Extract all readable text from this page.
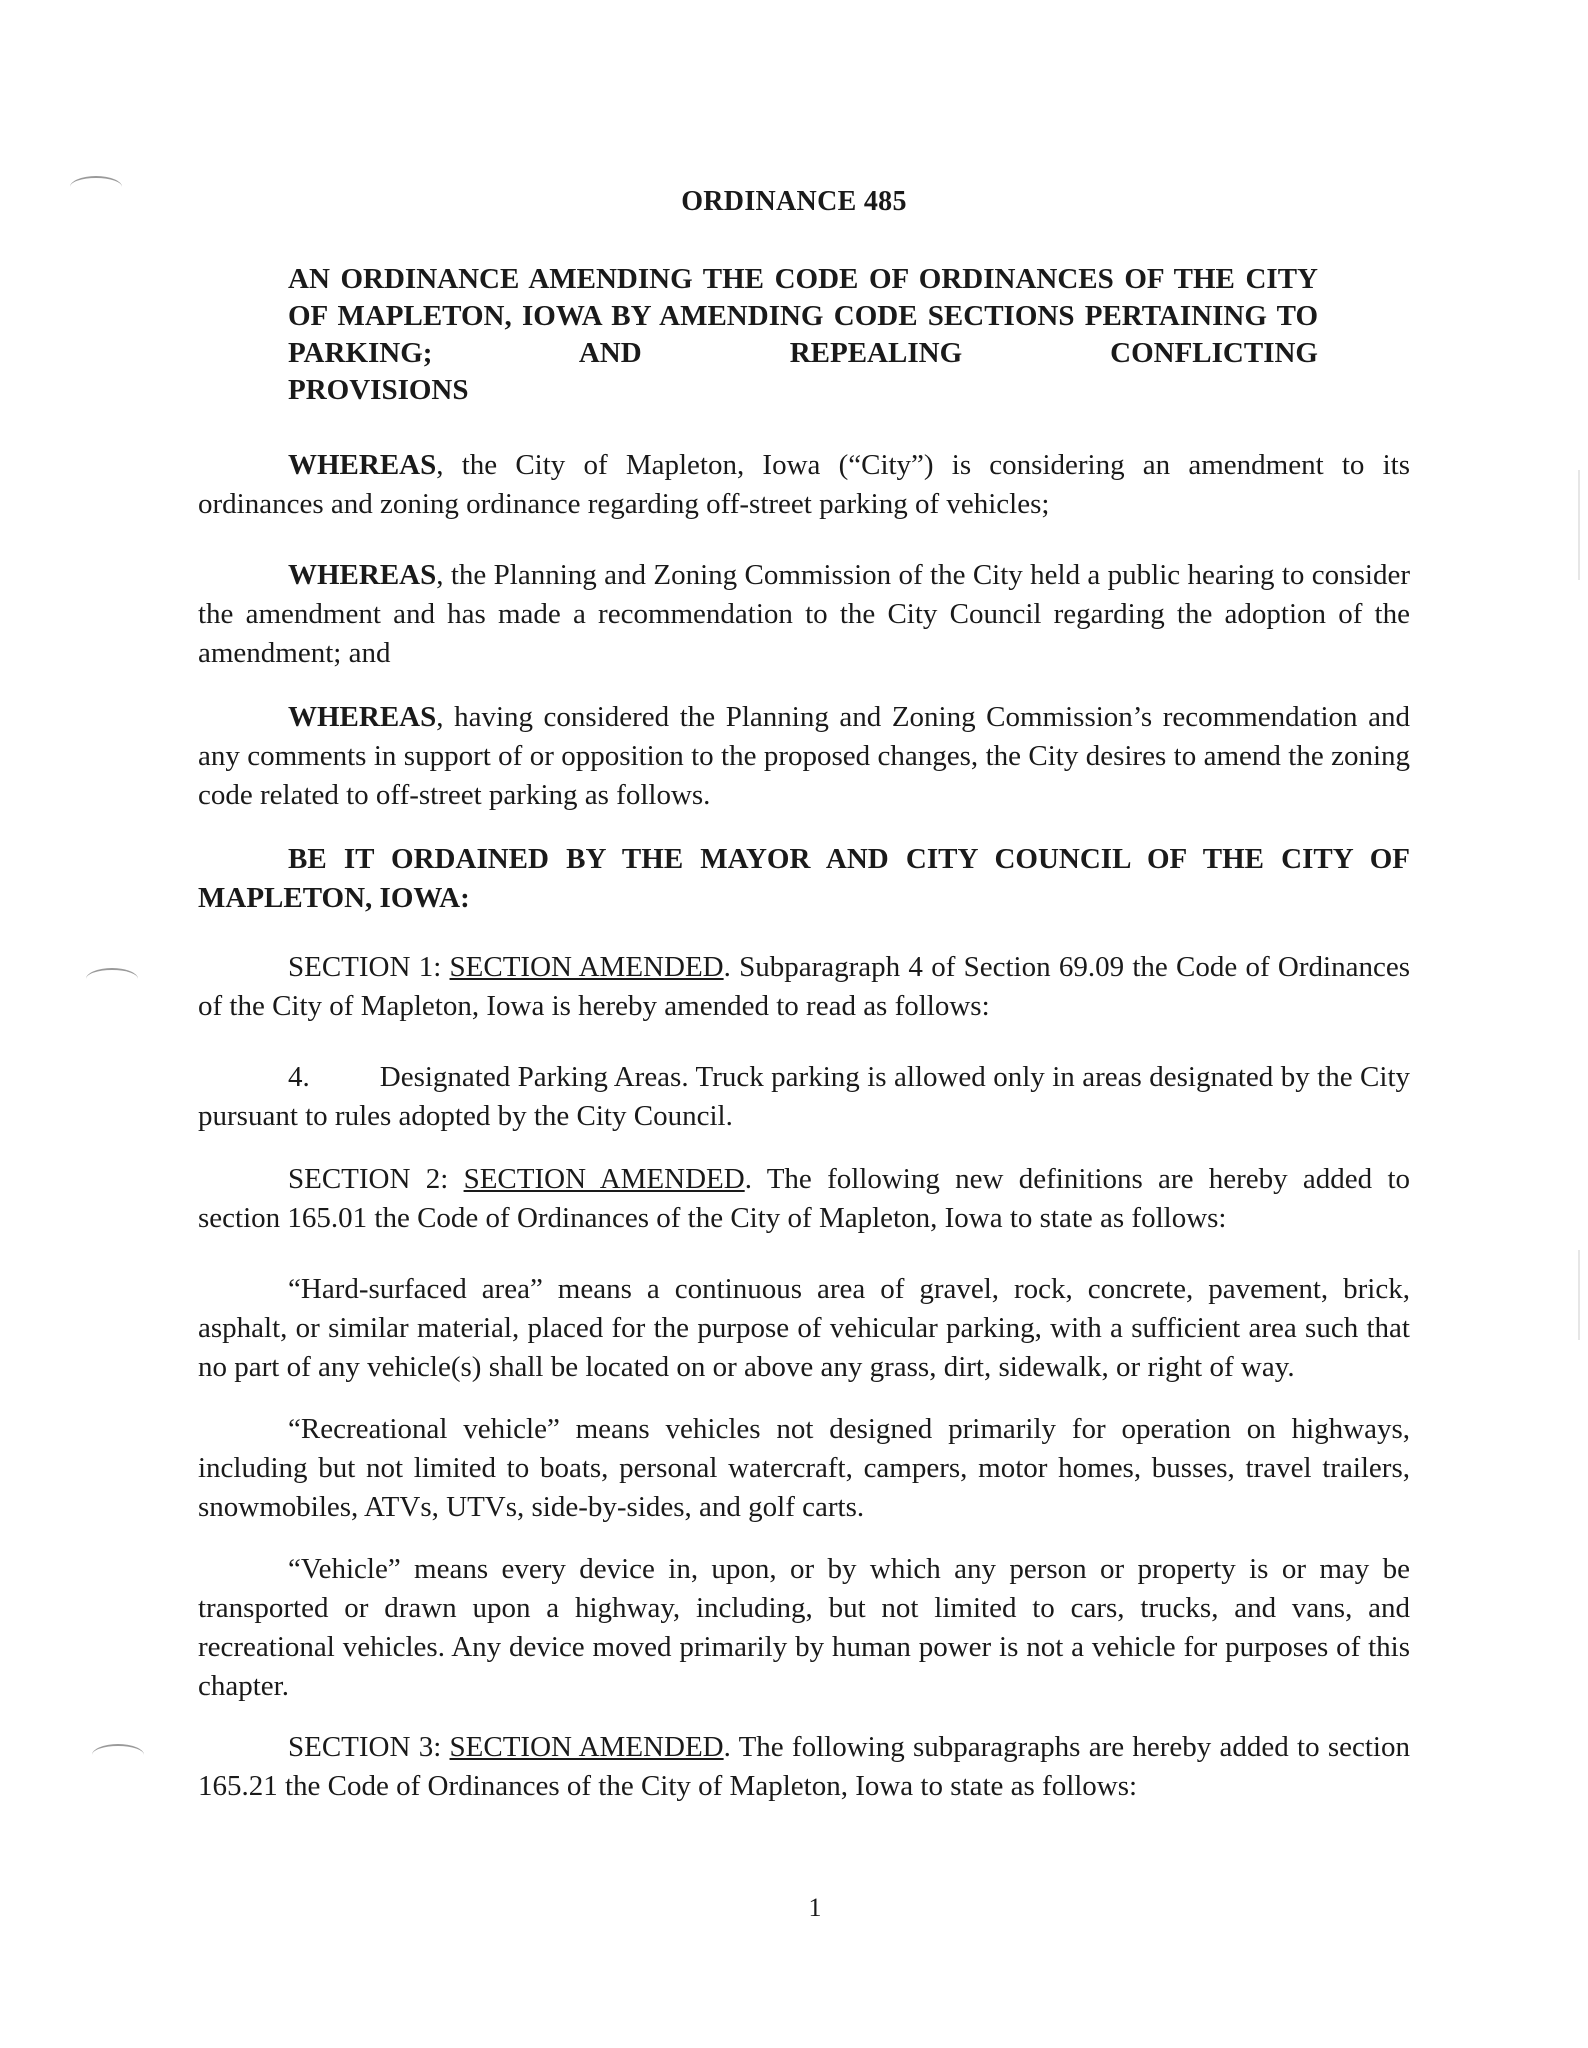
ORDINANCE 485
AN ORDINANCE AMENDING THE CODE OF ORDINANCES OF THE CITY OF MAPLETON, IOWA BY AMENDING CODE SECTIONS PERTAINING TO PARKING; AND REPEALING CONFLICTING
PROVISIONS
WHEREAS, the City of Mapleton, Iowa (“City”) is considering an amendment to its ordinances and zoning ordinance regarding off-street parking of vehicles;
WHEREAS, the Planning and Zoning Commission of the City held a public hearing to consider the amendment and has made a recommendation to the City Council regarding the adoption of the amendment; and
WHEREAS, having considered the Planning and Zoning Commission’s recommendation and any comments in support of or opposition to the proposed changes, the City desires to amend the zoning code related to off-street parking as follows.
BE IT ORDAINED BY THE MAYOR AND CITY COUNCIL OF THE CITY OF MAPLETON, IOWA:
SECTION 1: SECTION AMENDED. Subparagraph 4 of Section 69.09 the Code of Ordinances of the City of Mapleton, Iowa is hereby amended to read as follows:
4. Designated Parking Areas. Truck parking is allowed only in areas designated by the City pursuant to rules adopted by the City Council.
SECTION 2: SECTION AMENDED. The following new definitions are hereby added to section 165.01 the Code of Ordinances of the City of Mapleton, Iowa to state as follows:
“Hard-surfaced area” means a continuous area of gravel, rock, concrete, pavement, brick, asphalt, or similar material, placed for the purpose of vehicular parking, with a sufficient area such that no part of any vehicle(s) shall be located on or above any grass, dirt, sidewalk, or right of way.
“Recreational vehicle” means vehicles not designed primarily for operation on highways, including but not limited to boats, personal watercraft, campers, motor homes, busses, travel trailers, snowmobiles, ATVs, UTVs, side-by-sides, and golf carts.
“Vehicle” means every device in, upon, or by which any person or property is or may be transported or drawn upon a highway, including, but not limited to cars, trucks, and vans, and recreational vehicles. Any device moved primarily by human power is not a vehicle for purposes of this chapter.
SECTION 3: SECTION AMENDED. The following subparagraphs are hereby added to section 165.21 the Code of Ordinances of the City of Mapleton, Iowa to state as follows:
1
